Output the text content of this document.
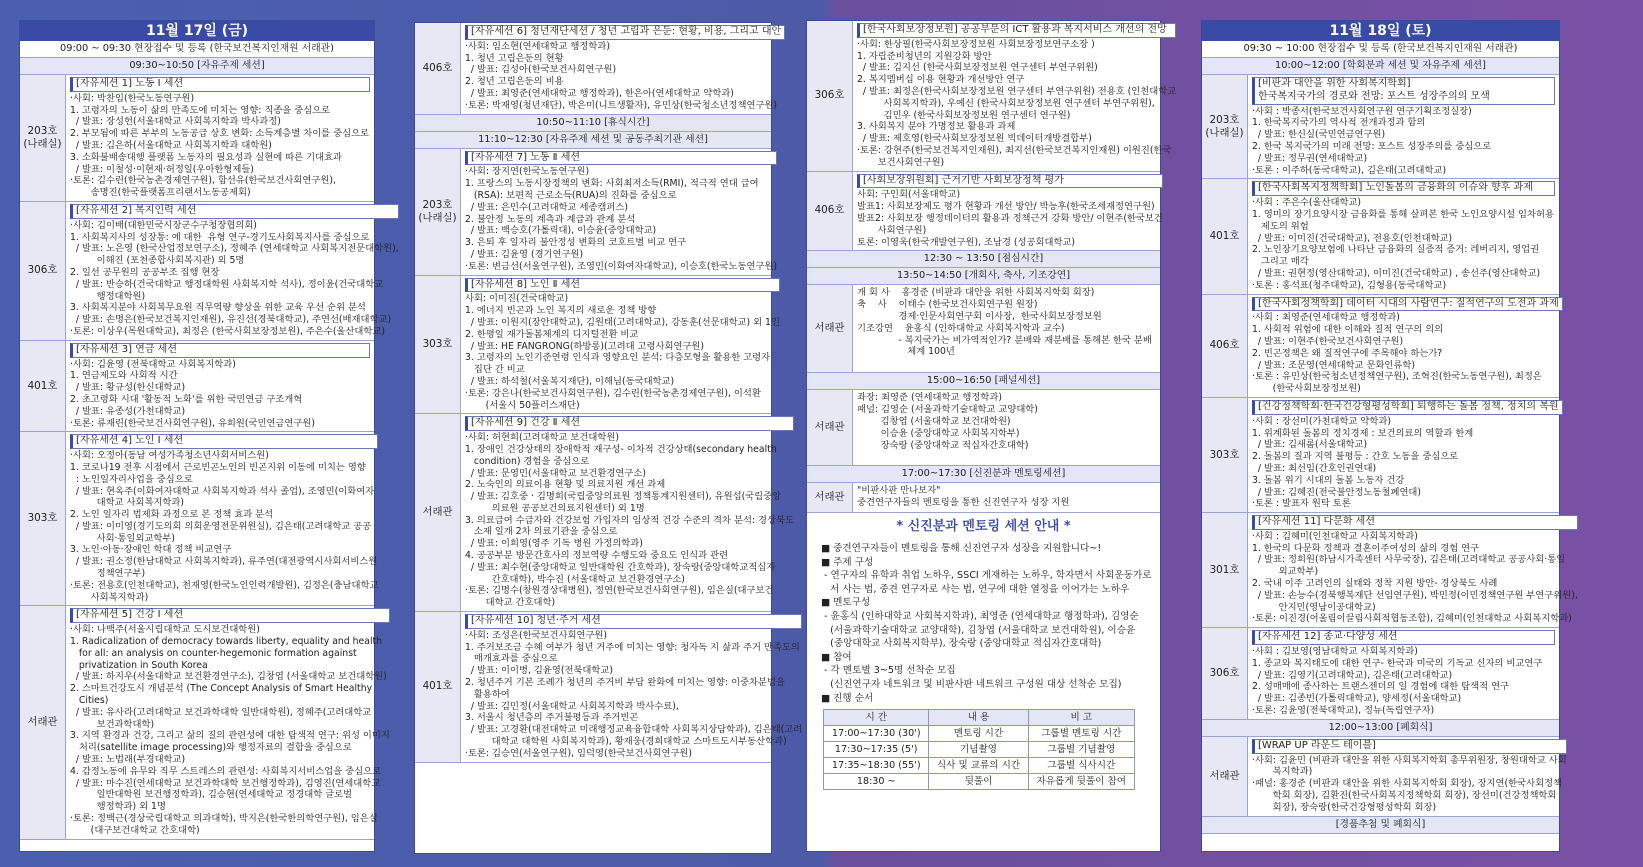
11월 17일 (금)
09:00 ~ 09:30 현장접수 및 등록 (한국보건복지인재원 서래관)
09:30~10:50 [자유주제 세션]
203호
(나래실)
[자유세션 1] 노동 Ⅰ 세션
·사회: 박찬임(한국노동연구원)
1. 고령자의 노동이 삶의 만족도에 미치는 영향: 직종을 중심으로
/ 발표: 장성헌(서울대학교 사회복지학과 박사과정)
2. 부모됨에 따른 부부의 노동공급 상호 변화: 소득계층별 차이를 중심으로
/ 발표: 김은하(서울대학교 사회복지학과 대학원)
3. 소화불배송대행 플랫폼 노동자의 필요성과 실현에 따른 기대효과
/ 발표: 이철성·이현재·허정일(우아한형제들)
·토론: 김수린(한국농촌경제연구원), 함선유(한국보건사회연구원),
송명진(한국플랫폼프리랜서노동공제회)
306호
[자유세션 2] 복지인력 세션
·사회: 김이배(대한민국시장군수구청장협의회)
1. 사회복지사의 성장통: 에 대한  유형 연구-경기도사회복지사를 중심으로
/ 발표: 노은영 (한국산업정보연구소), 정혜주 (연세대학교 사회복지전문대학원),
이해진 (포천종합사회복지관) 외 5명
2. 일선 공무원의 공공부조 집행 현장
/ 발표: 반승하(건국대학교 행정대학원 사회복지학 석사), 정이윤(건국대학교
행정대학원)
3. 사회복지분야 사회복무요원 직무역량 향상을 위한 교육 우선 순위 분석
/ 발표: 손명은(한국보건복지인재원), 유진선(경북대학교), 주연선(배재대학교)
·토론: 이상우(목원대학교), 최정은 (한국사회보장정보원), 주은수(울산대학교)
401호
[자유세션 3] 연금 세션
·사회: 김윤영 (전북대학교 사회복지학과)
1. 연금제도와 사회적 시간
/ 발표: 황규성(한신대학교)
2. 초고령화 시대 '활동적 노화'를 위한 국민연금 구조개혁
/ 발표: 유종성(가천대학교)
·토론: 류재린(한국보건사회연구원), 유희원(국민연금연구원)
303호
[자유세션 4] 노인 Ⅰ 세션
·사회: 오정아(동남 여성가족청소년사회서비스원)
1. 코로나19 전후 시점에서 근로빈곤노인의 빈곤지위 이동에 미치는 영향
: 노인일자리사업을 중심으로
/ 발표: 현옥주(이화여자대학교 사회복지학과 석사 졸업), 조영민(이화여자
대학교 사회복지학과)
2. 노인 일자리 법제화 과정으로 본 정책 효과 분석
/ 발표: 이미영(경기도의회 의회운영전문위원실), 김은태(고려대학교 공공
사회·통일외교학부)
3. 노인·아동·장애인 학대 정책 비교연구
/ 발표: 권소정(한남대학교 사회복지학과), 류주연(대전광역시사회서비스원
정책연구부)
·토론: 전용호(인천대학교), 천재영(한국노인인력개발원), 김정은(충남대학교
사회복지학과)
서래관
[자유세션 5] 건강 Ⅰ 세션
·사회: 나백주(서울시립대학교 도시보건대학원)
1. Radicalization of democracy towards liberty, equality and health
for all: an analysis on counter-hegemonic formation against
privatization in South Korea
/ 발표: 하지우(서울대학교 보건환경연구소), 김창엽 (서울대학교 보건대학원)
2. 스마트건강도시 개념분석 (The Concept Analysis of Smart Healthy
Cities)
/ 발표: 유사라(고려대학교 보건과학대학 일반대학원), 정혜주(고려대학교
보건과학대학)
3. 지역 환경과 건강, 그리고 삶의 질의 관련성에 대한 탐색적 연구: 위성 이미지
처리(satellite image processing)와 행정자료의 결합을 중심으로
/ 발표: 노법래(부경대학교)
4. 감정노동에 유무와 직무 스트레스의 관련성: 사회복지서비스업을 중심으로
/ 발표: 마수진(연세대학교 보건과학대학 보건행정학과), 김영진(연세대학교
일반대학원 보건행정학과), 김승현(연세대학교 정경대학 글로벌
행정학과) 외 1명
·토론: 정백근(경상국립대학교 의과대학), 박지은(한국한의학연구원), 임은실
(대구보건대학교 간호대학)
406호
[자유세션 6] 청년재단세션 / 청년 고립과 은둔: 현황, 비용, 그리고 대안
·사회: 임소현(연세대학교 행정학과)
1. 청년 고립은둔의 현황
/ 발표: 김성아(한국보건사회연구원)
2. 청년 고립은둔의 비용
/ 발표: 최영준(연세대학교 행정학과), 한은아(연세대학교 약학과)
·토론: 박재영(청년재단), 박은미(니트생활자), 유민상(한국청소년정책연구원)
10:50~11:10 [휴식시간]
11:10~12:30 [자유주제 세션 및 공동주최기관 세션]
203호
(나래실)
[자유세션 7] 노동 Ⅱ 세션
·사회: 장지연(한국노동연구원)
1. 프랑스의 노동시장정책의 변화: 사회최저소득(RMI), 적극적 연대 급여
(RSA): 보편적 근로소득(RUA)의 진화를 중심으로
/ 발표: 은민수(고려대학교 세종캠퍼스)
2. 불안정 노동의 계측과 계급과 관계 분석
/ 발표: 백승호(가톨릭대), 이승윤(중앙대학교)
3. 은퇴 후 일자리 불안정성 변화의 코호트별 비교 연구
/ 발표: 김윤영 (경기연구원)
·토론: 변금선(서울연구원), 조영민(이화여자대학교), 이승호(한국노동연구원)
303호
[자유세션 8] 노인 Ⅱ 세션
사회: 이미진(건국대학교)
1. 에너지 빈곤과 노인 복지의 새로운 정책 방향
/ 발표: 이원지(장안대학교), 김원태(고려대학교), 강동훈(선문대학교) 외 1인
2. 한평일 재가돌봄체계의 디지털전환 비교
/ 발표: HE FANGRONG(하방롱)(고려대 고령사회연구원)
3. 고령자의 노인기준연령 인식과 영향요인 분석: 다층모형을 활용한 고령자
집단 간 비교
/ 발표: 하석철(서울복지재단), 이해님(동국대학교)
·토론: 강은나(한국보건사회연구원), 김수린(한국농촌경제연구원), 이석환
(서울시 50플러스재단)
서래관
[자유세션 9] 건강 Ⅱ 세션
·사회: 허현희(고려대학교 보건대학원)
1. 장애인 건강상태의 장애학적 재구성- 이차적 건강상태(secondary health
condition) 경험을 중심으로
/ 발표: 문영민(서울대학교 보건환경연구소)
2. 노숙인의 의료이용 현황 및 의료지원 개선 과제
/ 발표: 김호중 · 김명희(국립중앙의료원 정책통계지원센터), 유원섭(국립중앙
의료원 공공보건의료지원센터) 외 1명
3. 의료급여 수급자와 건강보험 가입자의 임상적 건강 수준의 격차 분석: 경상북도
소재 일개 2차 의료기관을 중심으로
/ 발표: 이희영(영주 기독 병원 가정의학과)
4. 공공부분 방문간호사의 정보역량 수행도와 중요도 인식과 관련
/ 발표: 최수현(중앙대학교 일반대학원 간호학과), 장숙랑(중앙대학교적십자
간호대학), 박수진 (서울대학교 보건환경연구소)
·토론: 김명수(창원경상대병원), 정연(한국보건사회연구원), 임은실(대구보건
대학교 간호대학)
401호
[자유세션 10] 청년·주거 세션
·사회: 조성은(한국보건사회연구원)
1. 주거보조금 수혜 여부가 청년 거주에 미치는 영향: 청자독 지 삶과 주거 만족도의
매개효과를 중심으로
/ 발표: 이이병, 김윤영(전북대학교)
2. 청년주거 기본 조례가 청년의 주거비 부담 완화에 미치는 영향: 이중차분법을
활용하여
/ 발표: 김민정(서울대학교 사회복지학과 박사수료),
3. 서울시 청년층의 주거불평등과 주거빈곤
/ 발표: 고경환(대전대학교 미래행정교육융합대학 사회복지상담학과), 김은태(고려
대학교 대학원 사회복지학과), 황재웅(경희대학교 스마트도시부동산학과)
·토론: 김승연(서울연구원), 임덕영(한국보건사회연구원)
306호
[한국사회보장정보원] 공공부문의 ICT 활용과 복지서비스 개선의 전망
·사회: 한상필(한국사회보장정보원 사회보장정보연구소장 )
1. 자립준비청년의 지원강화 방안
/ 발표: 김지선 (한국사회보장정보원 연구센터 부연구위원)
2. 복지멤버십 이용 현황과 개선방안 연구
/ 발표: 최정은(한국사회보장정보원 연구센터 부연구위원) 전용호 (인천대학교
사회복지학과), 우예신 (한국사회보장정보원 연구센터 부연구위원),
김민우 (한국사회보장정보원 연구센터 연구원)
3. 사회복지 분야 가명정보 활용과 과제
/ 발표: 제호영(한국사회보장정보원 빅데이터개방결합부)
·토론: 강현주(한국보건복지인재원), 최지선(한국보건복지인재원) 이원진(한국
보건사회연구원)
406호
[사회보장위원회] 근거기반 사회보장정책 평가
사회: 구인회(서울대학교)
발표1: 사회보장제도 평가 현황과 개선 방안/ 박능후(한국조세재정연구원)
발표2: 사회보장 행정데이터의 활용과 정책근거 강화 방안/ 이현주(한국보건
사회연구원)
토론: 이영욱(한국개발연구원), 조남경 (성공회대학교)
12:30 ~ 13:50 [점심시간]
13:50~14:50 [개회사, 축사, 기조강연]
서래관
개 회 사    홍경준 (비판과 대안을 위한 사회복지학회 회장)
축    사    이태수 (한국보건사회연구원 원장)
경제·인문사회연구회 이사장,  한국사회보장정보원
기조강연    윤홍식 (인하대학교 사회복지학과 교수)
- 복지국가는 비가역적인가? 분배와 재분배를 통해본 한국 분배
체계 100년
15:00~16:50 [패널세션]
서래관
좌장: 최영준 (연세대학교 행정학과)
패널: 김영순 (서울과학기술대학교 교양대학)
김창엽 (서울대학교 보건대학원)
이승윤 (중앙대학교 사회복지학부)
장숙랑 (중앙대학교 적십자간호대학)
17:00~17:30 [신진분과 멘토링세션]
서래관
"비판사판 만나보자"
중견연구자들의 멘토링을 통한 신진연구자 성장 지원
* 신진분과 멘토링 세션 안내 *
■ 중견연구자들이 멘토링을 통해 신진연구자 성장을 지원합니다~!
■ 주제 구성
- 연구자의 유학과 취업 노하우, SSCI 게재하는 노하우, 학자면서 사회운동가로
서 사는 법, 중견 연구자로 사는 법, 연구에 대한 열정을 이어가는 노하우
■ 멘토구성
- 윤홍식 (인하대학교 사회복지학과), 최영준 (연세대학교 행정학과), 김영순
(서울과학기술대학교 교양대학), 김창엽 (서울대학교 보건대학원), 이승윤
(중앙대학교 사회복지학부), 장숙랑 (중앙대학교 적십자간호대학)
■ 참여
- 각 멘토별 3~5명 선착순 모집
(신진연구자 네트워크 및 비판사판 네트워크 구성원 대상 선착순 모집)
■ 진행 순서
시 간	내 용	비 고
17:00~17:30 (30')	멘토링 시간	그룹별 멘토링 시간
17:30~17:35 (5')	기념촬영	그룹별 기념촬영
17:35~18:30 (55')	식사 및 교류의 시간	그룹별 식사시간
18:30 ~	뒷풀이	자유롭게 뒷풀이 참여
11월 18일 (토)
09:30 ~ 10:00 현장접수 및 등록 (한국보건복지인재원 서래관)
10:00~12:00 [학회분과 세션 및 자유주제 세션]
203호
(나래실)
[비판과 대안을 위한 사회복지학회]
한국복지국가의 경로와 전망: 포스트 성장주의의 모색
·사회 : 박종서(한국보건사회연구원 연구기획조정실장)
1. 한국복지국가의 역사적 전개과정과 함의
/ 발표: 한신실(국민연금연구원)
2. 한국 복지국가의 미래 전망: 포스트 성장주의를 중심으로
/ 발표: 정무권(연세대학교)
·토론 : 이주하(동국대학교), 김은태(고려대학교)
401호
[한국사회복지정책학회] 노인돌봄의 금융화의 이슈와 향후 과제
·사회 : 주은수(울산대학교)
1. 영미의 장기요양시장 금융화를 통해 살펴본 한국 노인요양시설 임차허용
제도의 위험
/ 발표: 이미진(건국대학교), 전용호(인천대학교)
2. 노인장기요양보험에 나타난 금융화의 실증적 증거: 레버리지, 영업권
그리고 매각
/ 발표: 권현정(영산대학교), 이미진(건국대학교) , 송선주(영산대학교)
·토론 : 홍석표(청주대학교), 김형용(동국대학교)
406호
[한국사회정책학회] 데이터 시대의 사람연구: 질적연구의 도전과 과제
·사회 : 최영준(연세대학교 행정학과)
1. 사회적 위험에 대한 이해와 질적 연구의 의의
/ 발표: 이현주(한국보건사회연구원)
2. 빈곤정책은 왜 질적연구에 주목해야 하는가?
/ 발표: 조문영(연세대학교 문화인류학)
·토론 : 유민상(한국청소년정책연구원), 조혁진(한국노동연구원), 최정은
(한국사회보장정보원)
303호
[건강정책학회·한국건강형평성학회] 퇴행하는 돌봄 정책, 정치의 복원
·사회 : 장선미(가천대학교 약학과)
1. 위계화된 돌봄의 정치경제 : 보건의료의 역할과 한계
/ 발표: 김새롬(서울대학교)
2. 돌봄의 질과 지역 불평등 : 간호 노동을 중심으로
/ 발표: 최선임(간호인권연대)
3. 돌봄 위기 시대의 돌봄 노동자 건강
/ 발표: 김혜진(전국불안정노동철폐연대)
·토론 : 발표자 원탁 토론
301호
[자유세션 11] 다문화 세션
·사회 : 김혜미(인천대학교 사회복지학과)
1. 한국의 다문화 정책과 결혼이주여성의 삶의 경험 연구
/ 발표: 정희원(하남시가족센터 사무국장), 김은태(고려대학교 공공사회·통일
외교학부)
2. 국내 이주 고려인의 실태와 정착 지원 방안- 경상북도 사례
/ 발표: 손능수(경북행복재단 선임연구원), 박민정(이민정책연구원 부연구위원),
안지민(영남이공대학교)
·토론: 이진경(어울림이끌림사회적협동조합), 김혜미(인천대학교 사회복지학과)
306호
[자유세션 12] 종교·다양성 세션
·사회 : 김보영(영남대학교 사회복지학과)
1. 종교와 복지태도에 대한 연구- 한국과 미국의 기독교 신자의 비교연구
/ 발표: 김영기(고려대학교), 김은태(고려대학교)
2. 성매매에 종사하는 트랜스젠더의 일 경험에 대한 탐색적 연구
/ 발표: 김종빈(가톨릭대학교), 양세정(서울대학교)
·토론: 김윤영(전북대학교), 정뉴(독립연구자)
12:00~13:00 [폐회식]
서래관
[WRAP UP 라운드 테이블]
·사회: 김윤민 (비판과 대안을 위한 사회복지학회 총무위원장, 창원대학교 사회
복지학과)
·패널: 홍경준 (비판과 대안을 위한 사회복지학회 회장), 장지연(한국사회정책
학회 회장), 김환진(한국사회복지정책학회 회장), 장선미(건강정책학회
회장), 장숙랑(한국건강형평성학회 회장)
[경품추첨 및 폐회식]
